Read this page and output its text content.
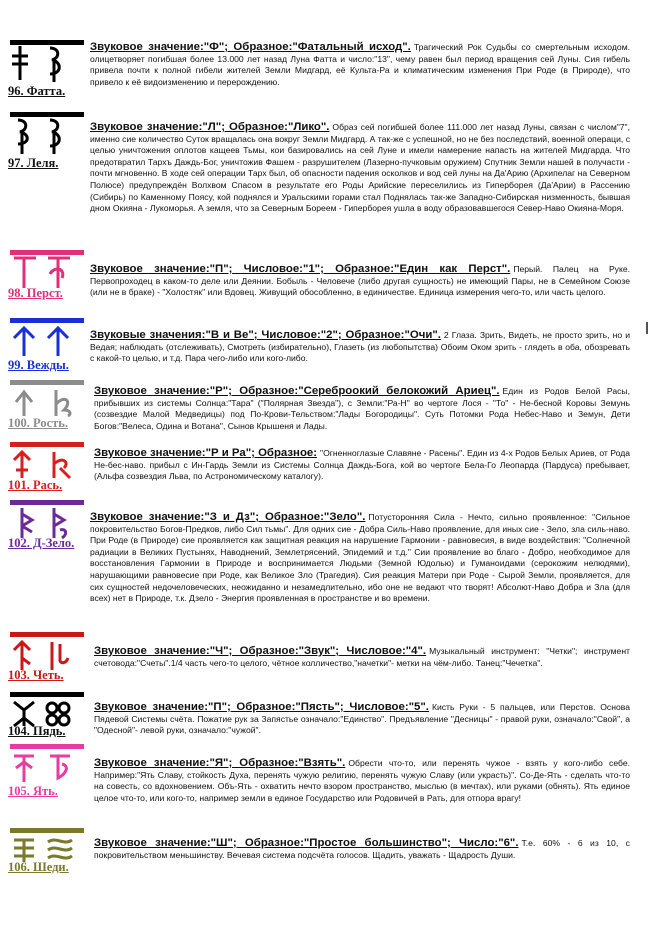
96. Фатта.
Звуковое значение:"Ф"; Образное:"Фатальный исход". Трагический Рок Судьбы со смертельным исходом. олицетворяет погибшая более 13.000 лет назад Луна Фатта и число:"13", чему равен был период вращения сей Луны. Сия гибель привела почти к полной гибели жителей Земли Мидгард, её Культа-Ра и климатическим изменения При Роде (в Природе), что привело к её видоизменению и перерождению.
97. Леля.
Звуковое значение:"Л"; Образное:"Лико". Образ сей погибшей более 111.000 лет назад Луны, связан с числом"7", именно сие количество Суток вращалась она вокруг Земли Мидгард. А так-же с успешной, но не без последствий, военной операци, с целью уничтожения оплотов кащеев Тьмы, кои базировались на сей Луне и имели намерение напасть на жителей Мидгарда. Что предотвратил Тархъ Даждь-Бог, уничтожив Фашем - разрушителем (Лазерно-пучковым оружием) Спутник Земли нашей в получасти - почти мгновенно. В ходе сей операции Тарх был, об опасности падения осколков и вод сей луны на Да'Арию (Архипелаг на Северном Полюсе) предупреждён Волхвом Спасом в результате его Роды Арийские переселились из Гиперборея (Да'Арии) в Рассению (Сибирь) по Каменному Поясу, кой поднялся и Уральскими горами стал Поднялась так-же Западно-Сибирская низменность, бывшая дном Окияна - Лукоморья. А земля, что за Северным Бореем - Гиперборея ушла в воду образовавшегося Север-Наво Окияна-Моря.
98. Перст.
Звуковое значение:"П"; Числовое:"1"; Образное:"Един как Перст". Перый. Палец на Руке. Первопроходец в каком-то деле или Деянии. Бобыль - Человече (либо другая сущность) не имеющий Пары, не в Семейном Союзе (или не в браке) - "Холостяк" или Вдовец. Живущий обособленно, в единичестве. Единица измерения чего-то, или часть целого.
99. Вежды.
Звуковые значения:"В и Ве"; Числовое:"2"; Образное:"Очи". 2 Глаза. Зрить, Видеть, не просто зрить, но и Ведая; наблюдать (отслеживать), Смотреть (избирательно), Глазеть (из любопытства) Обоим Оком зрить - глядеть в оба, обозревать с какой-то целью, и т.д. Пара чего-либо или кого-либо.
100. Рость.
Звуковое значение:"Р"; Образное:"Сереброокий белокожий Ариец". Един из Родов Белой Расы, прибывших из системы Солнца:"Тара" ("Полярная Звезда"), с Земли:"Ра-Н" во чертоге Лося - "То" - Не-бесной Коровы Земунь (созвездие Малой Медведицы) под По-Крови-Тельством:"Лады Богородицы". Суть Потомки Рода Небес-Наво и Земун, Дети Богов:"Велеса, Одина и Вотана", Сынов Крышеня и Лады.
101. Рась.
Звуковое значение:"Р и Ра"; Образное: "Огненноглазые Славяне - Расены". Един из 4-х Родов Белых Ариев, от Рода Не-бес-наво. прибыл с Ин-Гардь Земли из Системы Солнца Даждь-Бога, кой во чертоге Бела-Го Леопарда (Пардуса) пребывает, (Альфа созвездия Льва, по Астрономическому каталогу).
102. Д-Зело.
Звуковое значение:"З и Дз"; Образное:"Зело". Потусторонняя Сила - Нечто, сильно проявленное: "Сильное покровительство Богов-Предков, либо Сил тьмы". Для одних сие - Добра Силь-Наво проявление, для иных сие - Зело, зла силь-наво. При Роде (в Природе) сие проявляется как защитная реакция на нарушение Гармонии - равновесия, в виде воздействия: "Солнечной радиации в Великих Пустынях, Наводнений, Землетрясений, Эпидемий и т.д." Сии проявление во благо - Добро, необходимое для восстановления Гармонии в Природе и воспринимается Людьми (Земной Юдолью) и Гуманоидами (серокожим нелюдями), нарушающими равновесие при Роде, как Великое Зло (Трагедия). Сия реакция Матери при Роде - Сырой Земли, проявляется, для сих сущностей недочеловеческих, неожиданно и незамедлительно, ибо оне не ведают что творят! Абсолют-Наво Добра и Зла (для всех) нет в Природе, т.к. Дзело - Энергия проявленная в пространстве и во времени.
103. Четь.
Звуковое значение:"Ч"; Образное:"Звук"; Числовое:"4". Музыкальный инструмент: "Четки"; инструмент счетовода:"Счеты".1/4 часть чего-то целого, чётное колличество,"начетки"- метки на чём-либо. Танец:"Чечетка".
104. Пядь.
Звуковое значение:"П"; Образное:"Пясть"; Числовое:"5". Кисть Руки - 5 пальцев, или Перстов. Основа Пядевой Системы счёта. Пожатие рук за Запястье означало:"Единство". Предъявление "Десницы" - правой руки, означало:"Свой", а "Одесной"- левой руки, означало:"чужой".
105. Ять.
Звуковое значение:"Я"; Образное:"Взять". Обрести что-то, или перенять чужое - взять у кого-либо себе. Например:"Ять Славу, стойкость Духа, перенять чужую религию, перенять чужую Славу (или украсть)". Со-Де-Ять - сделать что-то на совесть, со вдохновением. Объ-Ять - охватить нечто взором пространство, мыслью (в мечтах), или руками (обнять). Ять единое целое что-то, или кого-то, например земли в единое Государство или Родовичей в Рать, для отпора врагу!
106. Шеди.
Звуковое значение:"Ш"; Образное:"Простое большинство"; Число:"6". Т.е. 60% - 6 из 10, с покровительством меньшинству. Вечевая система подсчёта голосов. Щадить, уважать - Щадрость Души.
